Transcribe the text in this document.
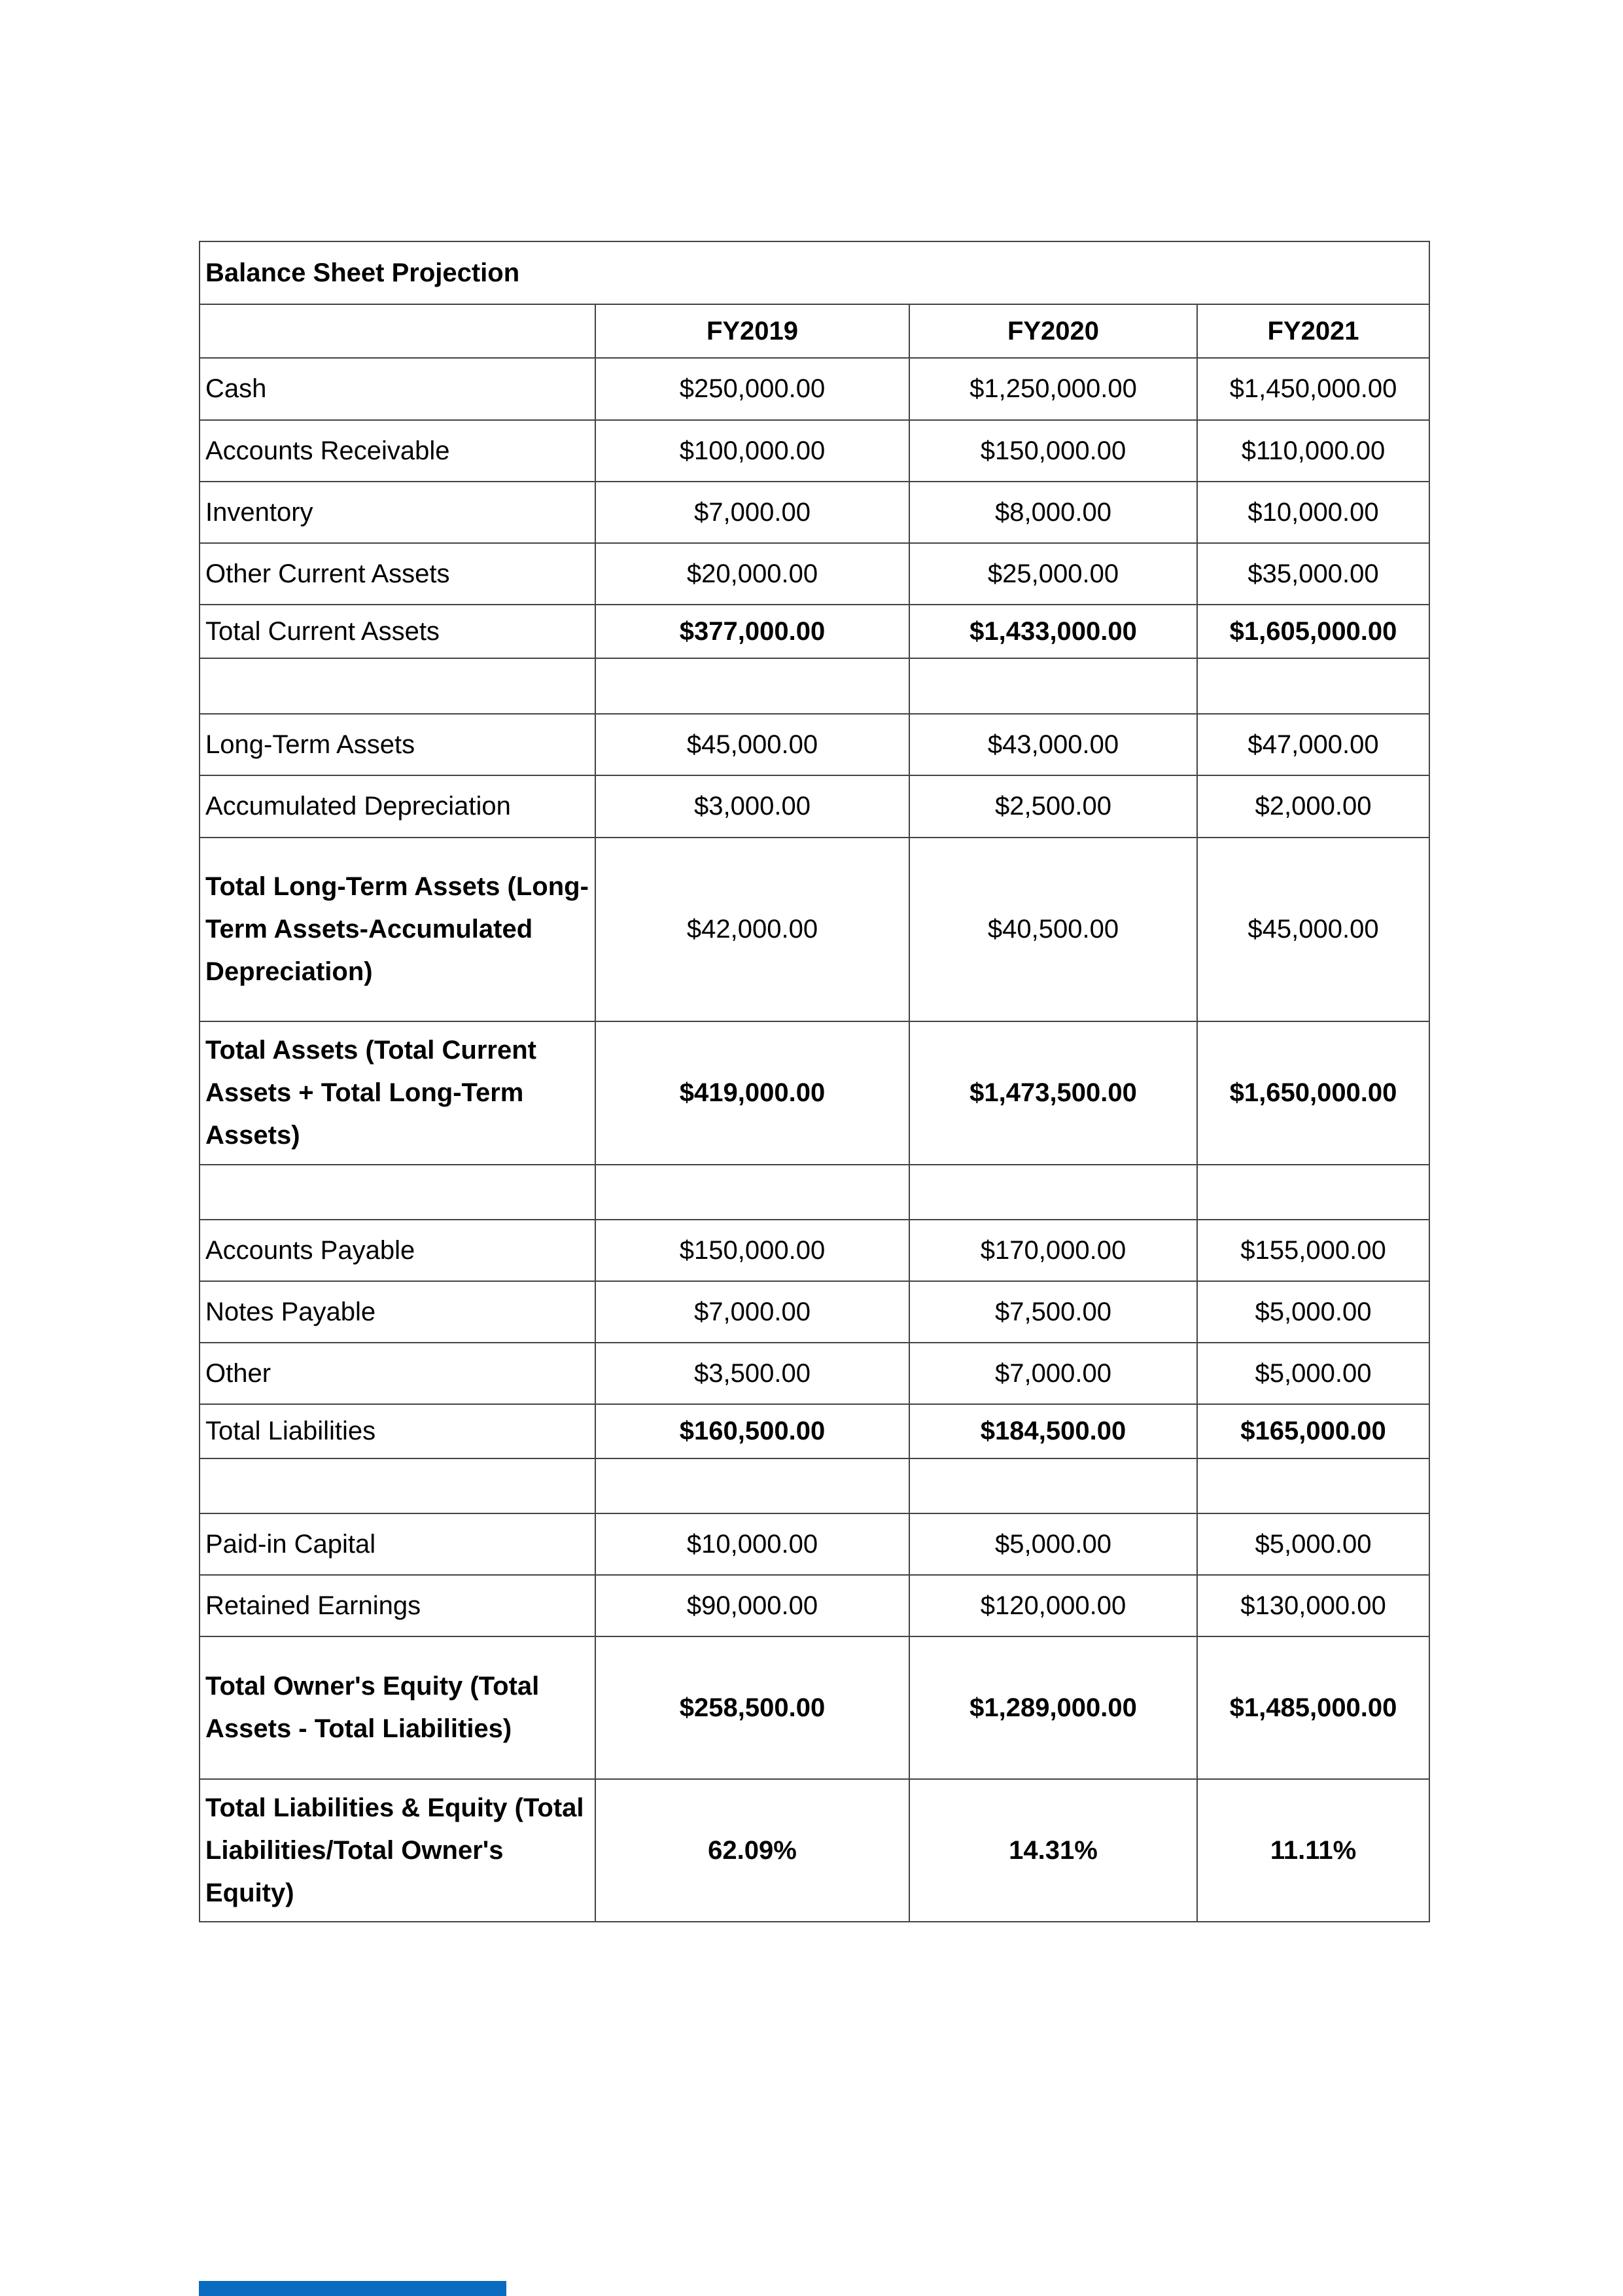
Balance Sheet Projection			
	FY2019	FY2020	FY2021
Cash	$250,000.00	$1,250,000.00	$1,450,000.00
Accounts Receivable	$100,000.00	$150,000.00	$110,000.00
Inventory	$7,000.00	$8,000.00	$10,000.00
Other Current Assets	$20,000.00	$25,000.00	$35,000.00
Total Current Assets	$377,000.00	$1,433,000.00	$1,605,000.00

Long-Term Assets	$45,000.00	$43,000.00	$47,000.00
Accumulated Depreciation	$3,000.00	$2,500.00	$2,000.00
Total Long-Term Assets (Long-Term Assets-Accumulated Depreciation)	$42,000.00	$40,500.00	$45,000.00
Total Assets (Total Current Assets + Total Long-Term Assets)	$419,000.00	$1,473,500.00	$1,650,000.00

Accounts Payable	$150,000.00	$170,000.00	$155,000.00
Notes Payable	$7,000.00	$7,500.00	$5,000.00
Other	$3,500.00	$7,000.00	$5,000.00
Total Liabilities	$160,500.00	$184,500.00	$165,000.00

Paid-in Capital	$10,000.00	$5,000.00	$5,000.00
Retained Earnings	$90,000.00	$120,000.00	$130,000.00
Total Owner's Equity (Total Assets - Total Liabilities)	$258,500.00	$1,289,000.00	$1,485,000.00
Total Liabilities & Equity (Total Liabilities/Total Owner's Equity)	62.09%	14.31%	11.11%
